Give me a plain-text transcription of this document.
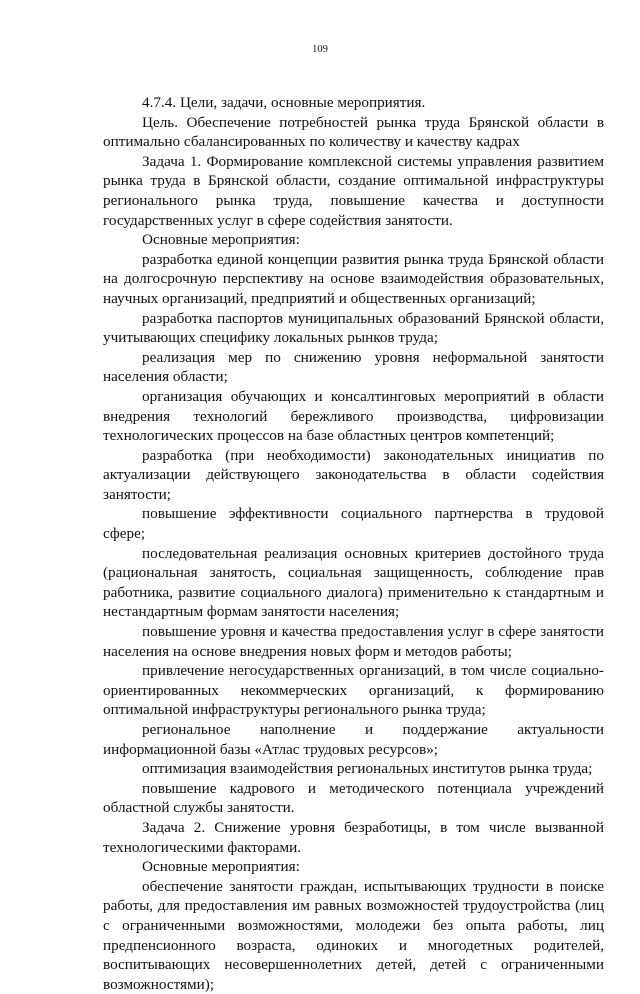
109

4.7.4. Цели, задачи, основные мероприятия.

Цель. Обеспечение потребностей рынка труда Брянской области в оптимально сбалансированных по количеству и качеству кадрах

Задача 1. Формирование комплексной системы управления развитием рынка труда в Брянской области, создание оптимальной инфраструктуры регионального рынка труда, повышение качества и доступности государственных услуг в сфере содействия занятости.

Основные мероприятия:

разработка единой концепции развития рынка труда Брянской области на долгосрочную перспективу на основе взаимодействия образовательных, научных организаций, предприятий и общественных организаций;

разработка паспортов муниципальных образований Брянской области, учитывающих специфику локальных рынков труда;

реализация мер по снижению уровня неформальной занятости населения области;

организация обучающих и консалтинговых мероприятий в области внедрения технологий бережливого производства, цифровизации технологических процессов на базе областных центров компетенций;

разработка (при необходимости) законодательных инициатив по актуализации действующего законодательства в области содействия занятости;

повышение эффективности социального партнерства в трудовой сфере;

последовательная реализация основных критериев достойного труда (рациональная занятость, социальная защищенность, соблюдение прав работника, развитие социального диалога) применительно к стандартным и нестандартным формам занятости населения;

повышение уровня и качества предоставления услуг в сфере занятости населения на основе внедрения новых форм и методов работы;

привлечение негосударственных организаций, в том числе социально-ориентированных некоммерческих организаций, к формированию оптимальной инфраструктуры регионального рынка труда;

региональное наполнение и поддержание актуальности информационной базы «Атлас трудовых ресурсов»;

оптимизация взаимодействия региональных институтов рынка труда;

повышение кадрового и методического потенциала учреждений областной службы занятости.

Задача 2. Снижение уровня безработицы, в том числе вызванной технологическими факторами.

Основные мероприятия:

обеспечение занятости граждан, испытывающих трудности в поиске работы, для предоставления им равных возможностей трудоустройства (лиц с ограниченными возможностями, молодежи без опыта работы, лиц предпенсионного возраста, одиноких и многодетных родителей, воспитывающих несовершеннолетних детей, детей с ограниченными возможностями);
